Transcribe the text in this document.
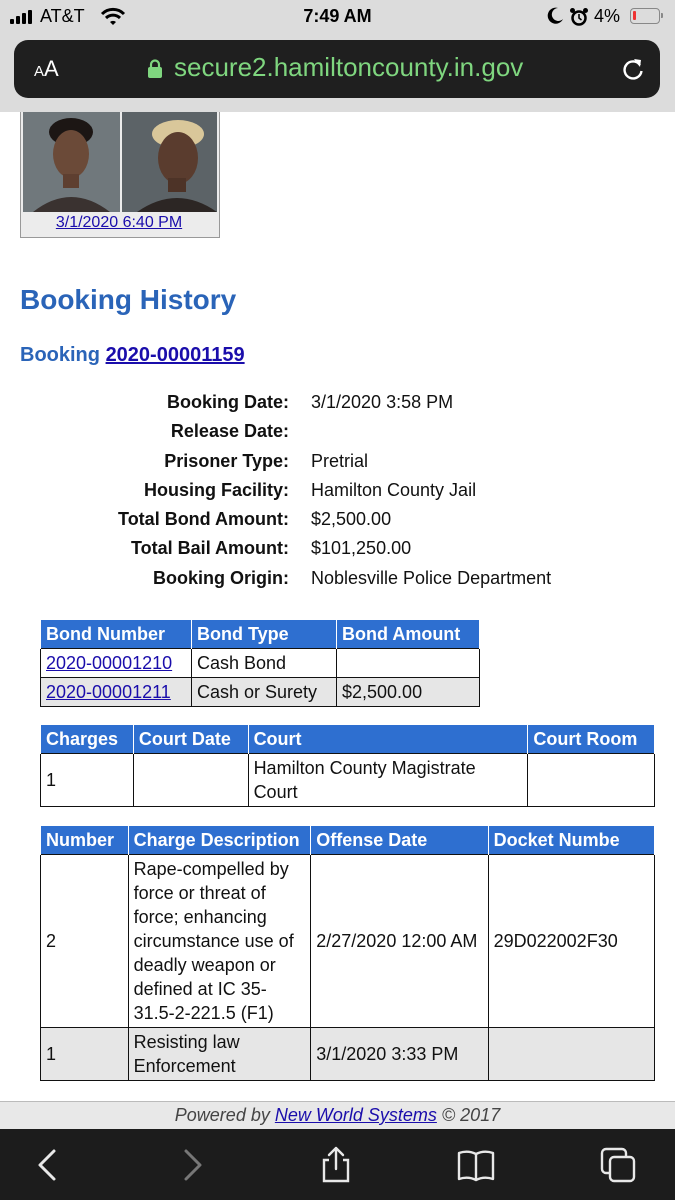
AT&T	7:49 AM	4%
AA	secure2.hamiltoncounty.in.gov
3/1/2020 6:40 PM
Booking History
Booking 2020-00001159
Booking Date: 3/1/2020 3:58 PM
Release Date:
Prisoner Type: Pretrial
Housing Facility: Hamilton County Jail
Total Bond Amount: $2,500.00
Total Bail Amount: $101,250.00
Booking Origin: Noblesville Police Department
Bond Number	Bond Type	Bond Amount
2020-00001210	Cash Bond	
2020-00001211	Cash or Surety	$2,500.00
Charges	Court Date	Court	Court Room
1		Hamilton County Magistrate Court	
Number	Charge Description	Offense Date	Docket Numbe
2	Rape-compelled by force or threat of force; enhancing circumstance use of deadly weapon or defined at IC 35-31.5-2-221.5 (F1)	2/27/2020 12:00 AM	29D022002F30
1	Resisting law Enforcement	3/1/2020 3:33 PM	
Powered by New World Systems © 2017
